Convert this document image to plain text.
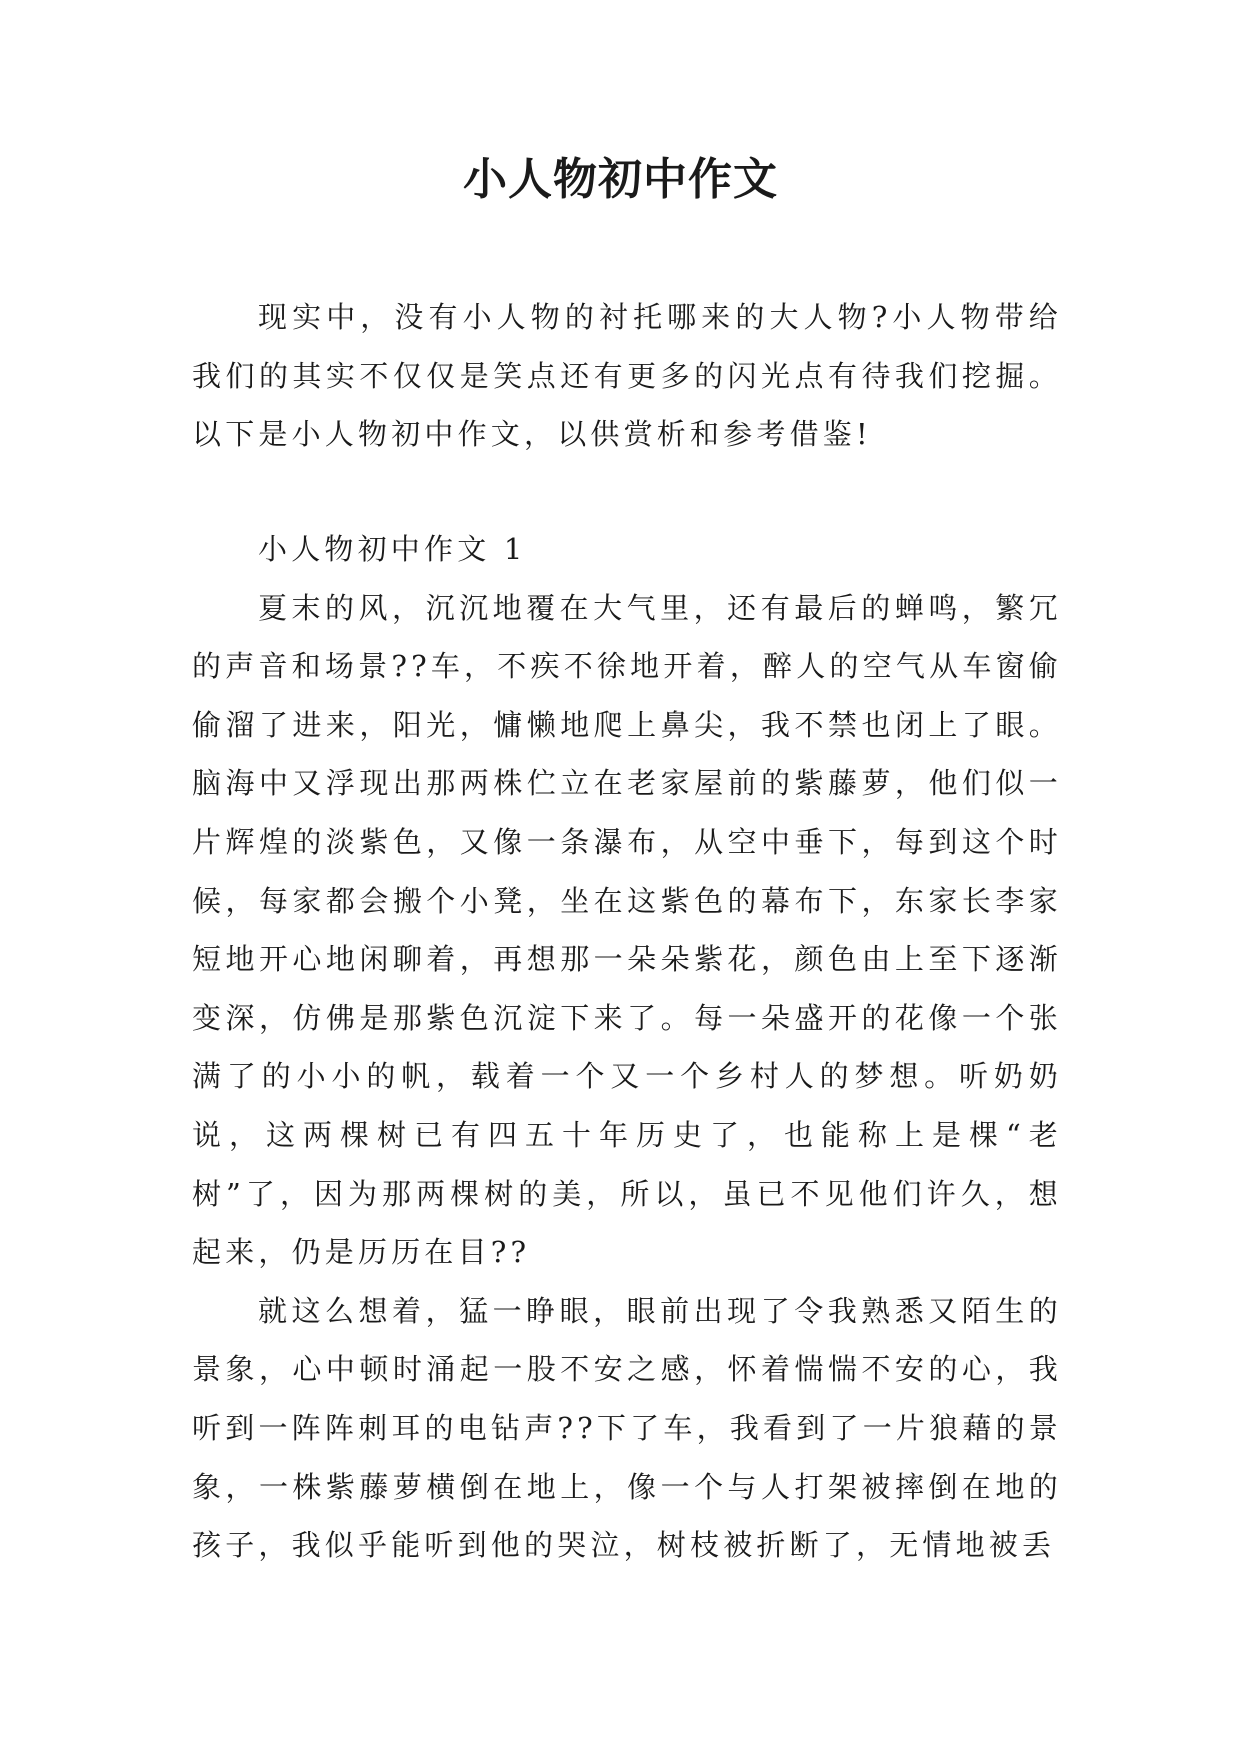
小人物初中作文

现实中，没有小人物的衬托哪来的大人物?小人物带给我们的其实不仅仅是笑点还有更多的闪光点有待我们挖掘。以下是小人物初中作文，以供赏析和参考借鉴!

小人物初中作文 1

夏末的风，沉沉地覆在大气里，还有最后的蝉鸣，繁冗的声音和场景??车，不疾不徐地开着，醉人的空气从车窗偷偷溜了进来，阳光，慵懒地爬上鼻尖，我不禁也闭上了眼。脑海中又浮现出那两株伫立在老家屋前的紫藤萝，他们似一片辉煌的淡紫色，又像一条瀑布，从空中垂下，每到这个时候，每家都会搬个小凳，坐在这紫色的幕布下，东家长李家短地开心地闲聊着，再想那一朵朵紫花，颜色由上至下逐渐变深，仿佛是那紫色沉淀下来了。每一朵盛开的花像一个张满了的小小的帆，载着一个又一个乡村人的梦想。听奶奶说，这两棵树已有四五十年历史了，也能称上是棵“老树”了，因为那两棵树的美，所以，虽已不见他们许久，想起来，仍是历历在目??

就这么想着，猛一睁眼，眼前出现了令我熟悉又陌生的景象，心中顿时涌起一股不安之感，怀着惴惴不安的心，我听到一阵阵刺耳的电钻声??下了车，我看到了一片狼藉的景象，一株紫藤萝横倒在地上，像一个与人打架被摔倒在地的孩子，我似乎能听到他的哭泣，树枝被折断了，无情地被丢
